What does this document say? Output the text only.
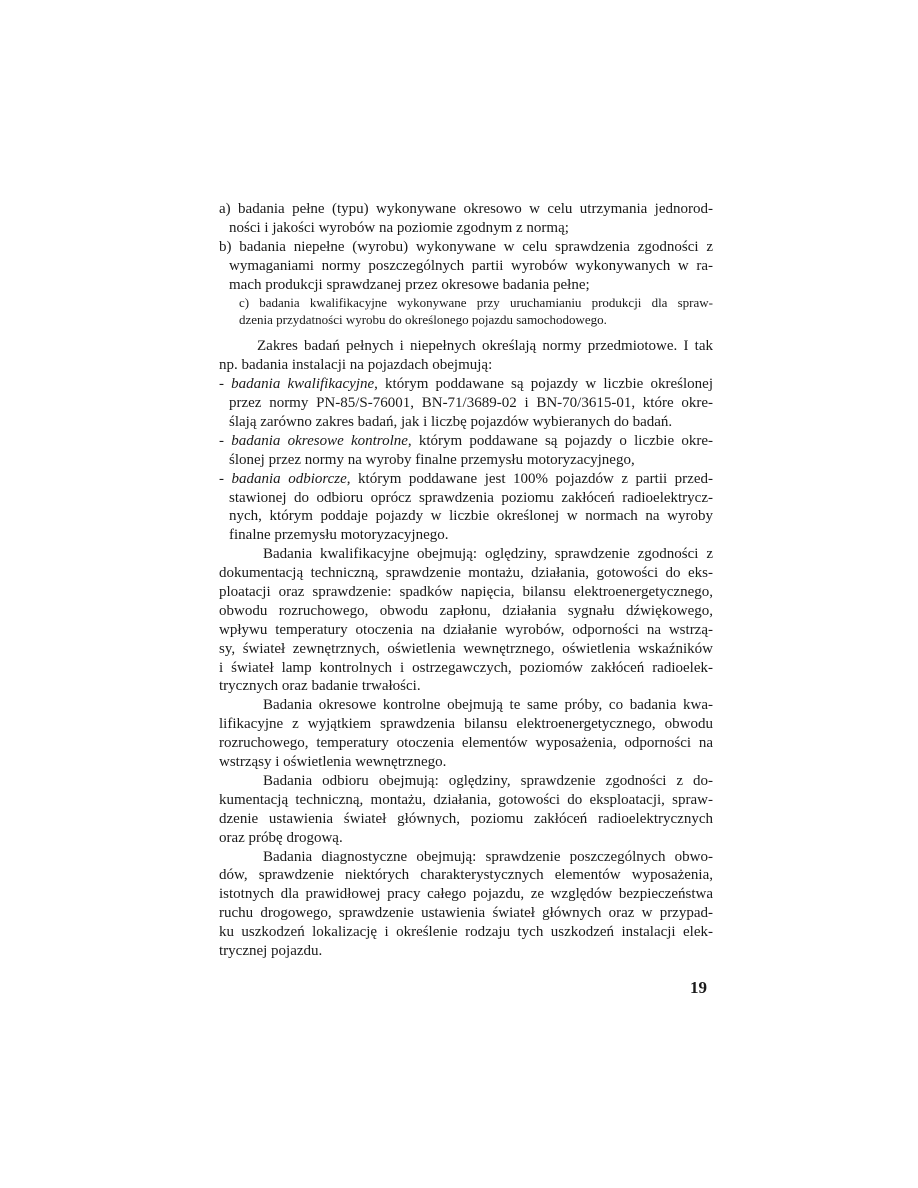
a) badania pełne (typu) wykonywane okresowo w celu utrzymania jednorod-
ności i jakości wyrobów na poziomie zgodnym z normą;
b) badania niepełne (wyrobu) wykonywane w celu sprawdzenia zgodności z
wymaganiami normy poszczególnych partii wyrobów wykonywanych w ra-
mach produkcji sprawdzanej przez okresowe badania pełne;
c) badania kwalifikacyjne wykonywane przy uruchamianiu produkcji dla spraw-
dzenia przydatności wyrobu do określonego pojazdu samochodowego.
Zakres badań pełnych i niepełnych określają normy przedmiotowe. I tak
np. badania instalacji na pojazdach obejmują:
- badania kwalifikacyjne, którym poddawane są pojazdy w liczbie określonej
przez normy PN-85/S-76001, BN-71/3689-02 i BN-70/3615-01, które okre-
ślają zarówno zakres badań, jak i liczbę pojazdów wybieranych do badań.
- badania okresowe kontrolne, którym poddawane są pojazdy o liczbie okre-
ślonej przez normy na wyroby finalne przemysłu motoryzacyjnego,
- badania odbiorcze, którym poddawane jest 100% pojazdów z partii przed-
stawionej do odbioru oprócz sprawdzenia poziomu zakłóceń radioelektrycz-
nych, którym poddaje pojazdy w liczbie określonej w normach na wyroby
finalne przemysłu motoryzacyjnego.
Badania kwalifikacyjne obejmują: oględziny, sprawdzenie zgodności z
dokumentacją techniczną, sprawdzenie montażu, działania, gotowości do eks-
ploatacji oraz sprawdzenie: spadków napięcia, bilansu elektroenergetycznego,
obwodu rozruchowego, obwodu zapłonu, działania sygnału dźwiękowego,
wpływu temperatury otoczenia na działanie wyrobów, odporności na wstrzą-
sy, świateł zewnętrznych, oświetlenia wewnętrznego, oświetlenia wskaźników
i świateł lamp kontrolnych i ostrzegawczych, poziomów zakłóceń radioelek-
trycznych oraz badanie trwałości.
Badania okresowe kontrolne obejmują te same próby, co badania kwa-
lifikacyjne z wyjątkiem sprawdzenia bilansu elektroenergetycznego, obwodu
rozruchowego, temperatury otoczenia elementów wyposażenia, odporności na
wstrząsy i oświetlenia wewnętrznego.
Badania odbioru obejmują: oględziny, sprawdzenie zgodności z do-
kumentacją techniczną, montażu, działania, gotowości do eksploatacji, spraw-
dzenie ustawienia świateł głównych, poziomu zakłóceń radioelektrycznych
oraz próbę drogową.
Badania diagnostyczne obejmują: sprawdzenie poszczególnych obwo-
dów, sprawdzenie niektórych charakterystycznych elementów wyposażenia,
istotnych dla prawidłowej pracy całego pojazdu, ze względów bezpieczeństwa
ruchu drogowego, sprawdzenie ustawienia świateł głównych oraz w przypad-
ku uszkodzeń lokalizację i określenie rodzaju tych uszkodzeń instalacji elek-
trycznej pojazdu.
19
